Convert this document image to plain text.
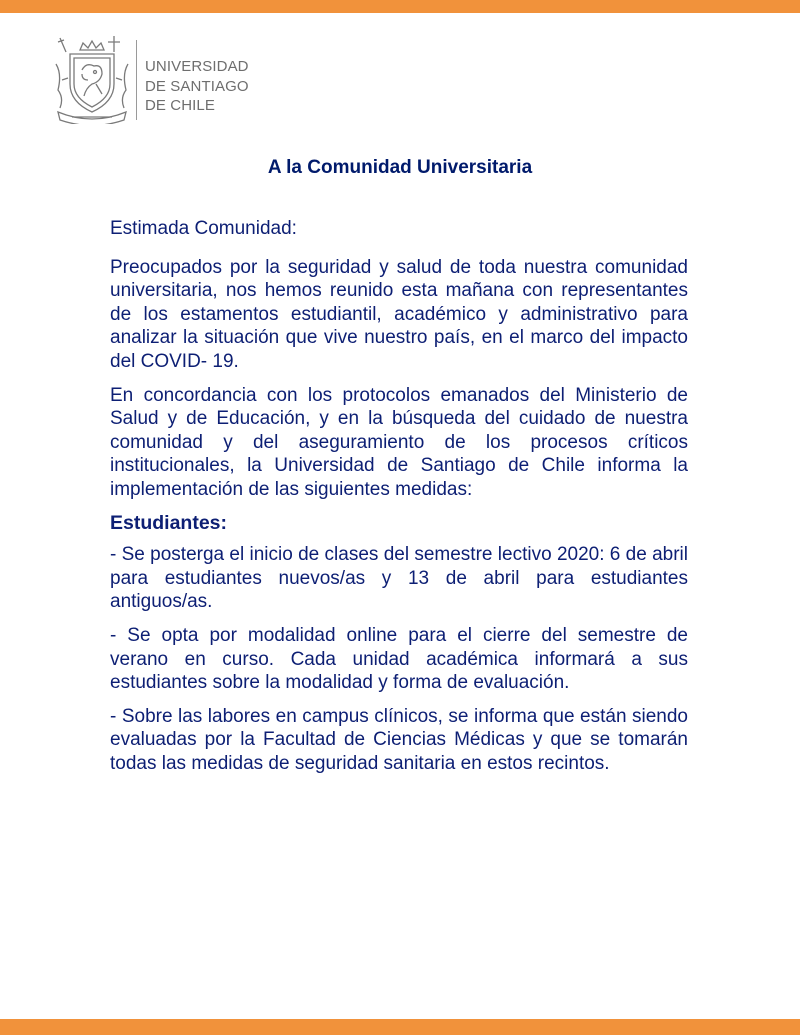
UNIVERSIDAD
DE SANTIAGO
DE CHILE
A la Comunidad Universitaria

Estimada Comunidad:

Preocupados por la seguridad y salud de toda nuestra comunidad universitaria, nos hemos reunido esta mañana con representantes de los estamentos estudiantil, académico y administrativo para analizar la situación que vive nuestro país, en el marco del impacto del COVID- 19.

En concordancia con los protocolos emanados del Ministerio de Salud y de Educación, y en la búsqueda del cuidado de nuestra comunidad y del aseguramiento de los procesos críticos institucionales, la Universidad de Santiago de Chile informa la implementación de las siguientes medidas:

Estudiantes:

- Se posterga el inicio de clases del semestre lectivo 2020: 6 de abril para estudiantes nuevos/as y 13 de abril para estudiantes antiguos/as.

- Se opta por modalidad online para el cierre del semestre de verano en curso. Cada unidad académica informará a sus estudiantes sobre la modalidad y forma de evaluación.

- Sobre las labores en campus clínicos, se informa que están siendo evaluadas por la Facultad de Ciencias Médicas y que se tomarán todas las medidas de seguridad sanitaria en estos recintos.
